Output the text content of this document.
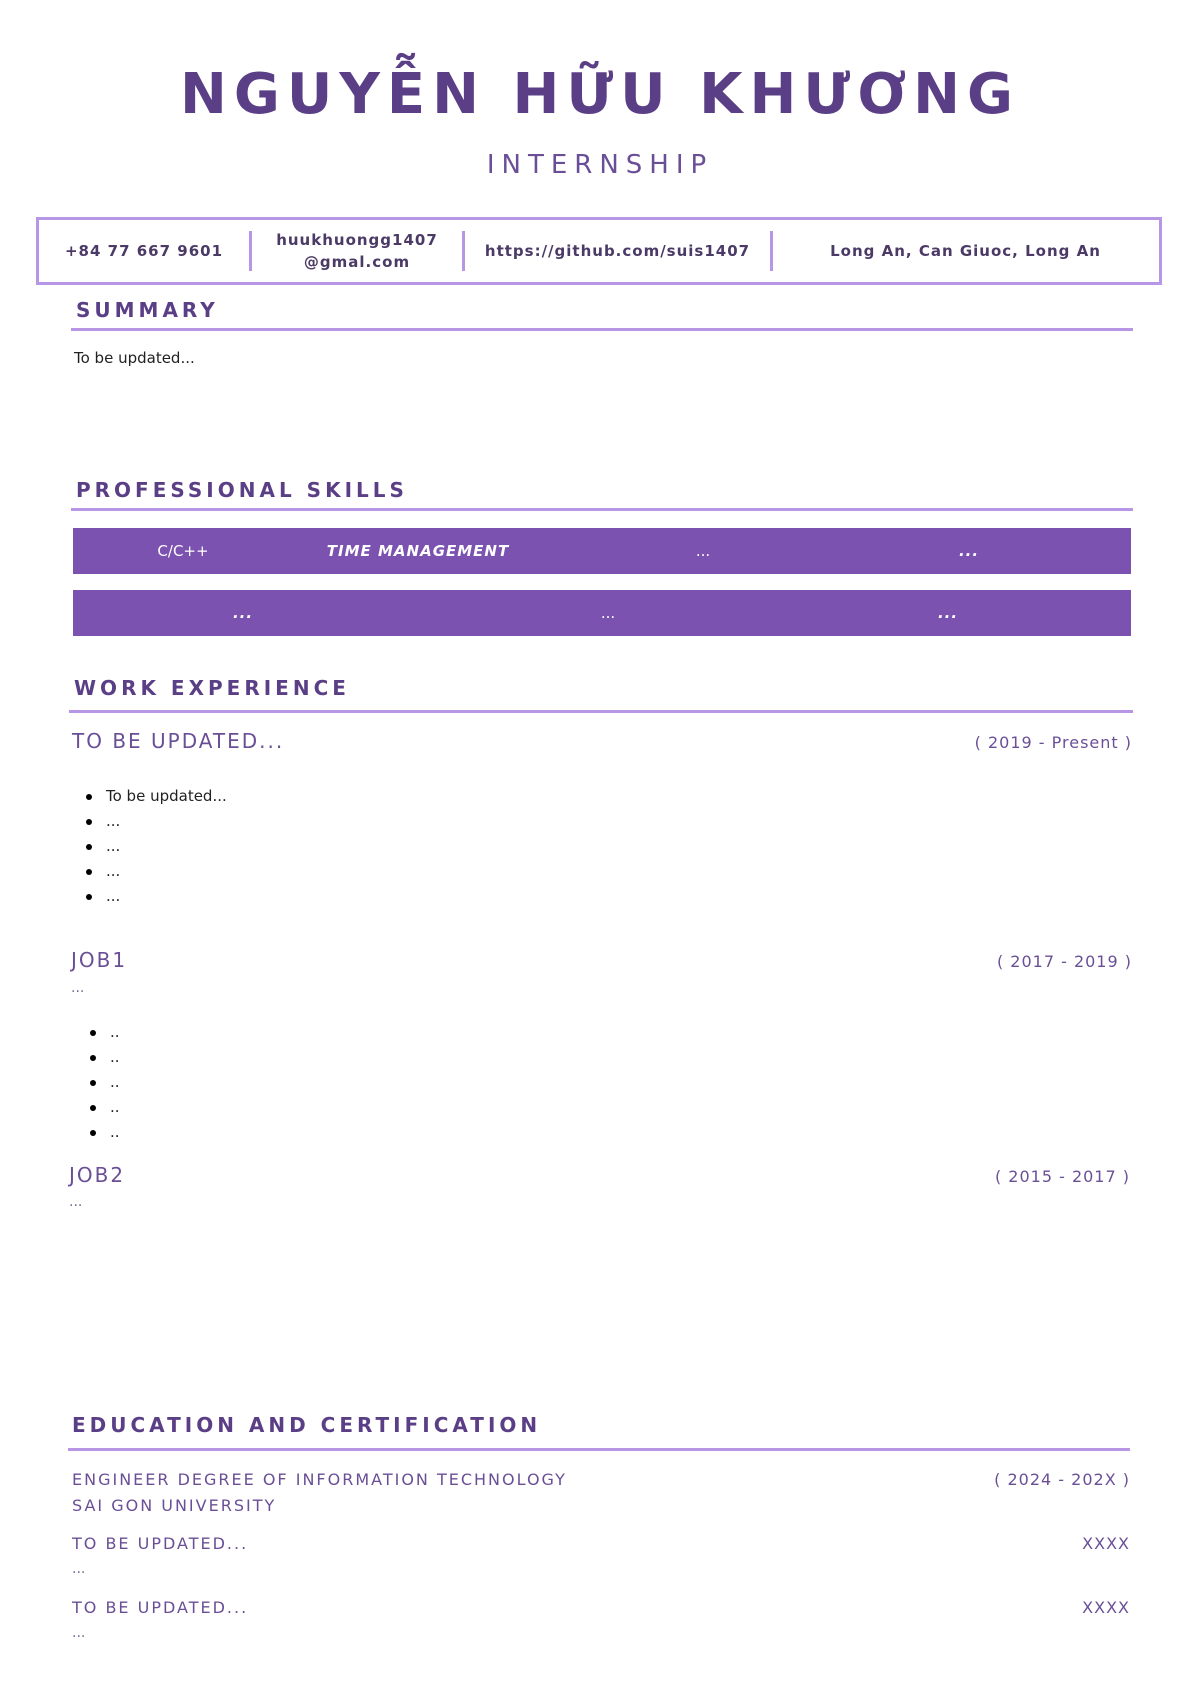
NGUYỄN HỮU KHƯƠNG
INTERNSHIP
+84 77 667 9601
huukhuongg1407
@gmal.com
https://github.com/suis1407	Long An, Can Giuoc, Long An
SUMMARY
To be updated...
PROFESSIONAL SKILLS
C/C++	TIME MANAGEMENT	...	...
...	...	...
WORK EXPERIENCE
TO BE UPDATED...	( 2019 - Present )
To be updated...
...
...
...
...
JOB1	( 2017 - 2019 )
...
..
..
..
..
..
JOB2	( 2015 - 2017 )
...
EDUCATION AND CERTIFICATION
ENGINEER DEGREE OF INFORMATION TECHNOLOGY	( 2024 - 202X )
SAI GON UNIVERSITY
TO BE UPDATED...	XXXX
...
TO BE UPDATED...	XXXX
...
